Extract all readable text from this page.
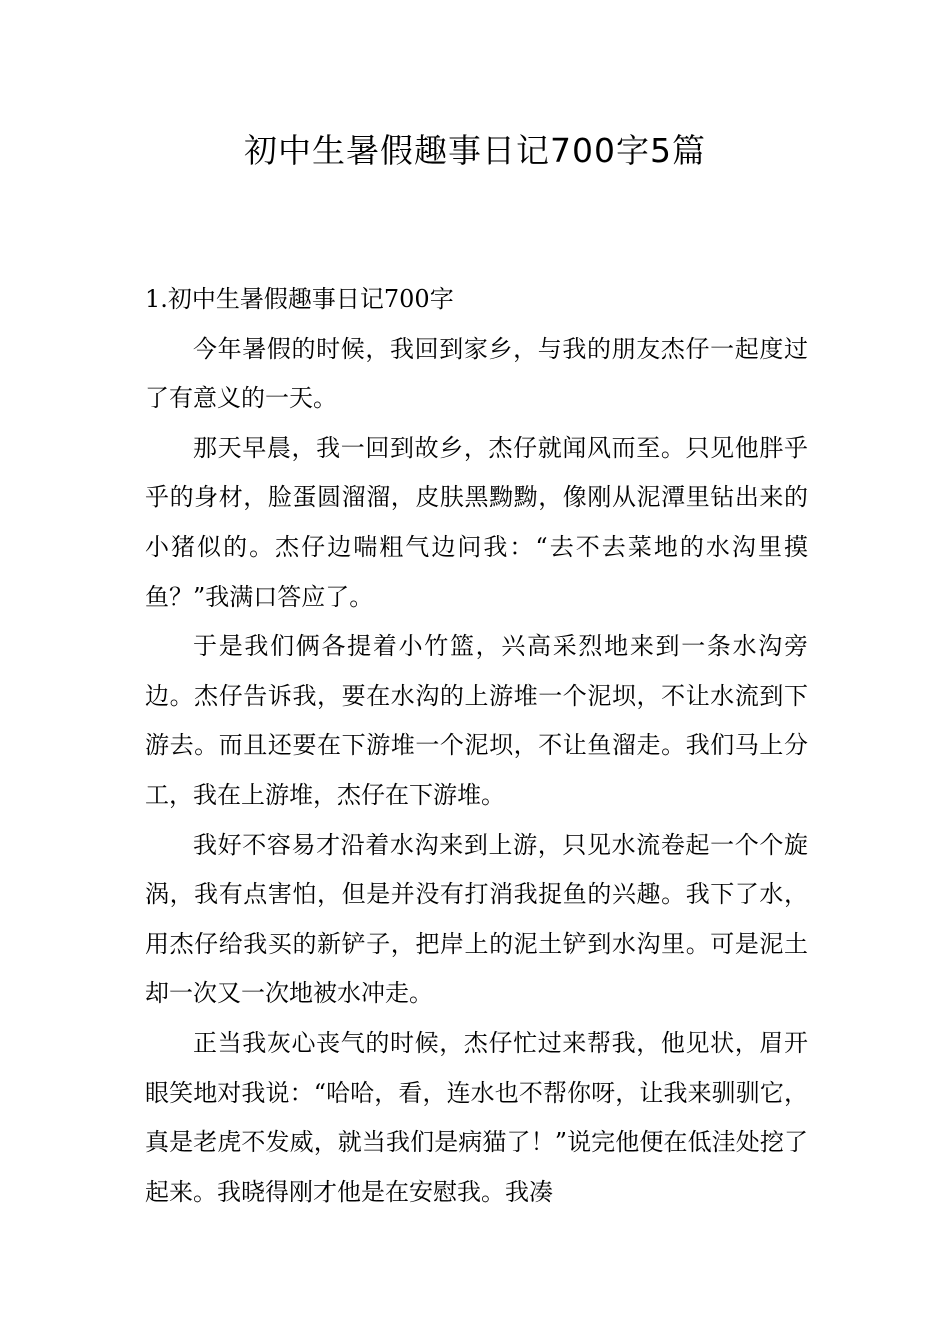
初中生暑假趣事日记700字5篇

1.初中生暑假趣事日记700字

今年暑假的时候，我回到家乡，与我的朋友杰仔一起度过了有意义的一天。

那天早晨，我一回到故乡，杰仔就闻风而至。只见他胖乎乎的身材，脸蛋圆溜溜，皮肤黑黝黝，像刚从泥潭里钻出来的小猪似的。杰仔边喘粗气边问我：“去不去菜地的水沟里摸鱼？”我满口答应了。

于是我们俩各提着小竹篮，兴高采烈地来到一条水沟旁边。杰仔告诉我，要在水沟的上游堆一个泥坝，不让水流到下游去。而且还要在下游堆一个泥坝，不让鱼溜走。我们马上分工，我在上游堆，杰仔在下游堆。

我好不容易才沿着水沟来到上游，只见水流卷起一个个旋涡，我有点害怕，但是并没有打消我捉鱼的兴趣。我下了水，用杰仔给我买的新铲子，把岸上的泥土铲到水沟里。可是泥土却一次又一次地被水冲走。

正当我灰心丧气的时候，杰仔忙过来帮我，他见状，眉开眼笑地对我说：“哈哈，看，连水也不帮你呀，让我来驯驯它，真是老虎不发威，就当我们是病猫了！”说完他便在低洼处挖了起来。我晓得刚才他是在安慰我。我凑
